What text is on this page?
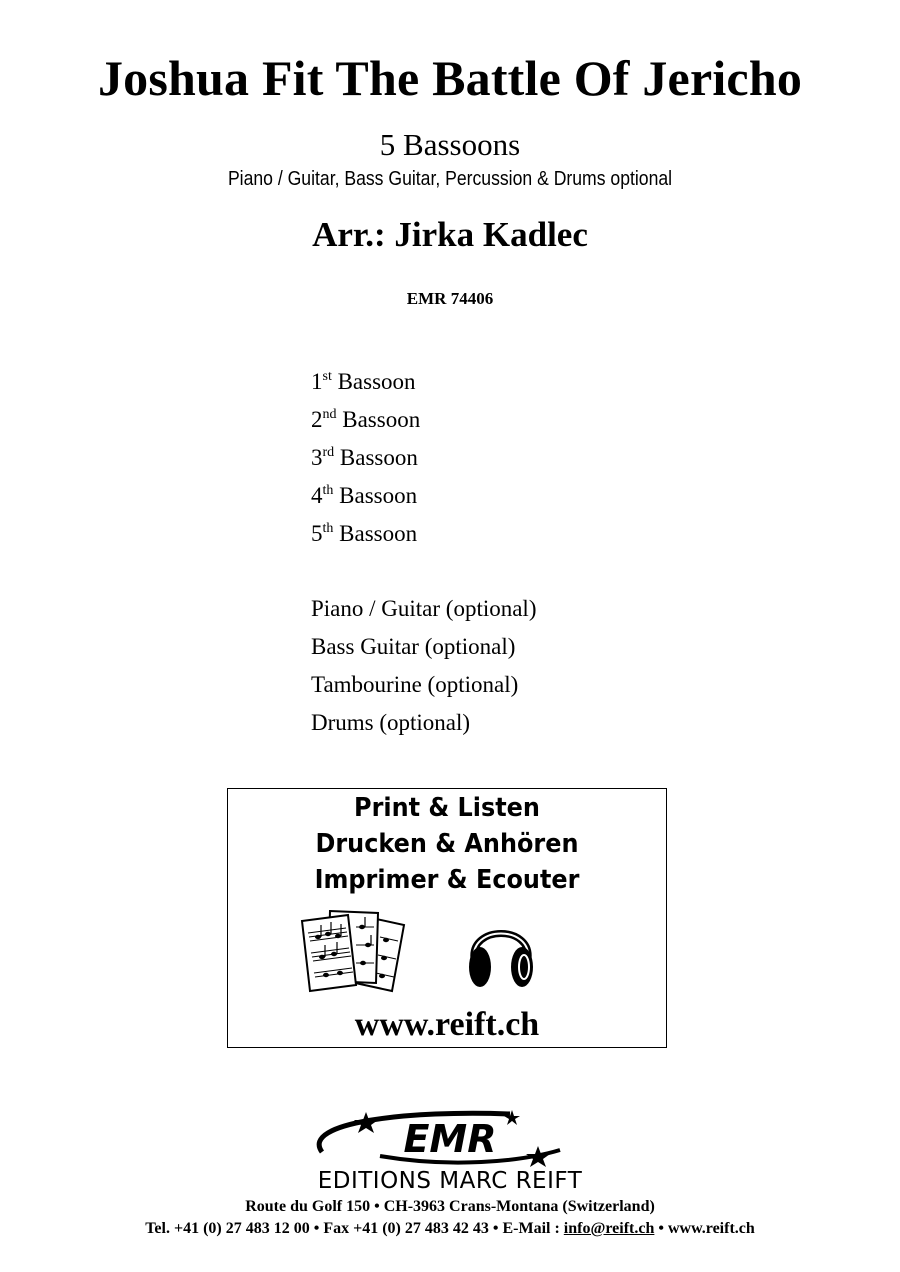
Joshua Fit The Battle Of Jericho
5 Bassoons
Piano / Guitar, Bass Guitar, Percussion & Drums optional
Arr.: Jirka Kadlec
EMR 74406
1st Bassoon
2nd Bassoon
3rd Bassoon
4th Bassoon
5th Bassoon
Piano / Guitar (optional)
Bass Guitar (optional)
Tambourine (optional)
Drums (optional)
Print & Listen
Drucken & Anhören
Imprimer & Ecouter
www.reift.ch
EMR
EDITIONS MARC REIFT
Route du Golf 150 • CH-3963 Crans-Montana (Switzerland)
Tel. +41 (0) 27 483 12 00 • Fax +41 (0) 27 483 42 43 • E-Mail : info@reift.ch • www.reift.ch
